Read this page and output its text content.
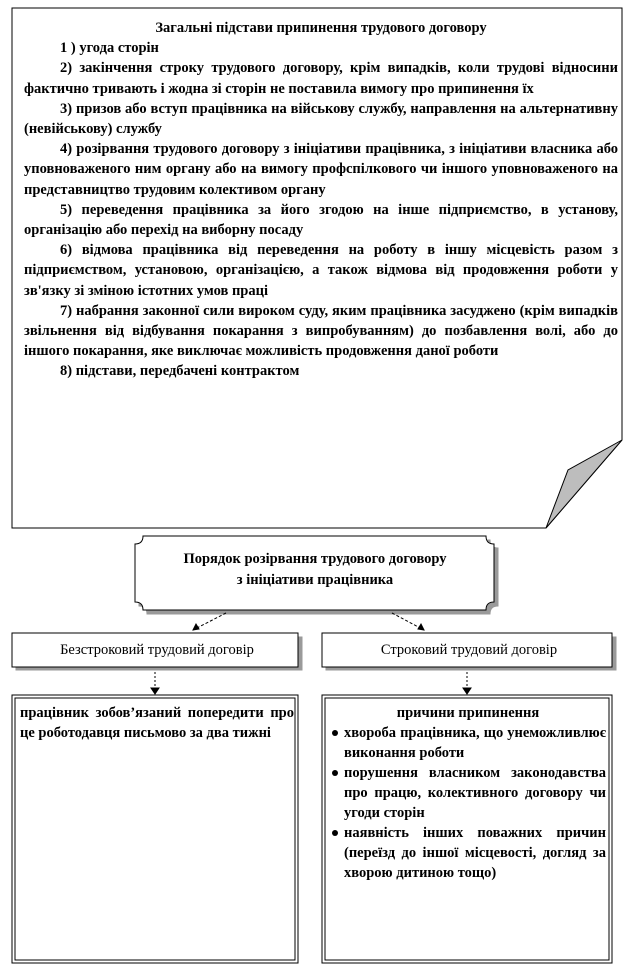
Загальні підстави припинення трудового договору
1 ) угода сторін
2) закінчення строку трудового договору, крім випадків, коли трудові відносини фактично тривають і жодна зі сторін не поставила вимогу про припинення їх
3) призов або вступ працівника на військову службу, направлення на альтернативну (невійськову) службу
4) розірвання трудового договору з ініціативи працівника, з ініціативи власника або уповноваженого ним органу або на вимогу профспілкового чи іншого уповноваженого на представництво трудовим колективом органу
5) переведення працівника за його згодою на інше підприємство, в установу, організацію або перехід на виборну посаду
6) відмова працівника від переведення на роботу в іншу місцевість разом з підприємством, установою, організацією, а також відмова від продовження роботи у зв'язку зі зміною істотних умов праці
7) набрання законної сили вироком суду, яким працівника засуджено (крім випадків звільнення від відбування покарання з випробуванням) до позбавлення волі, або до іншого покарання, яке виключає можливість продовження даної роботи
8) підстави, передбачені контрактом
Порядок розірвання трудового договору
з ініціативи працівника
Безстроковий трудовий договір	Строковий трудовий договір
працівник зобов’язаний попередити про це роботодавця письмово за два тижні
причини припинення
хвороба працівника, що унеможливлює виконання роботи
порушення власником законодавства про працю, колективного договору чи угоди сторін
наявність інших поважних причин (переїзд до іншої місцевості, догляд за хворою дитиною тощо)
